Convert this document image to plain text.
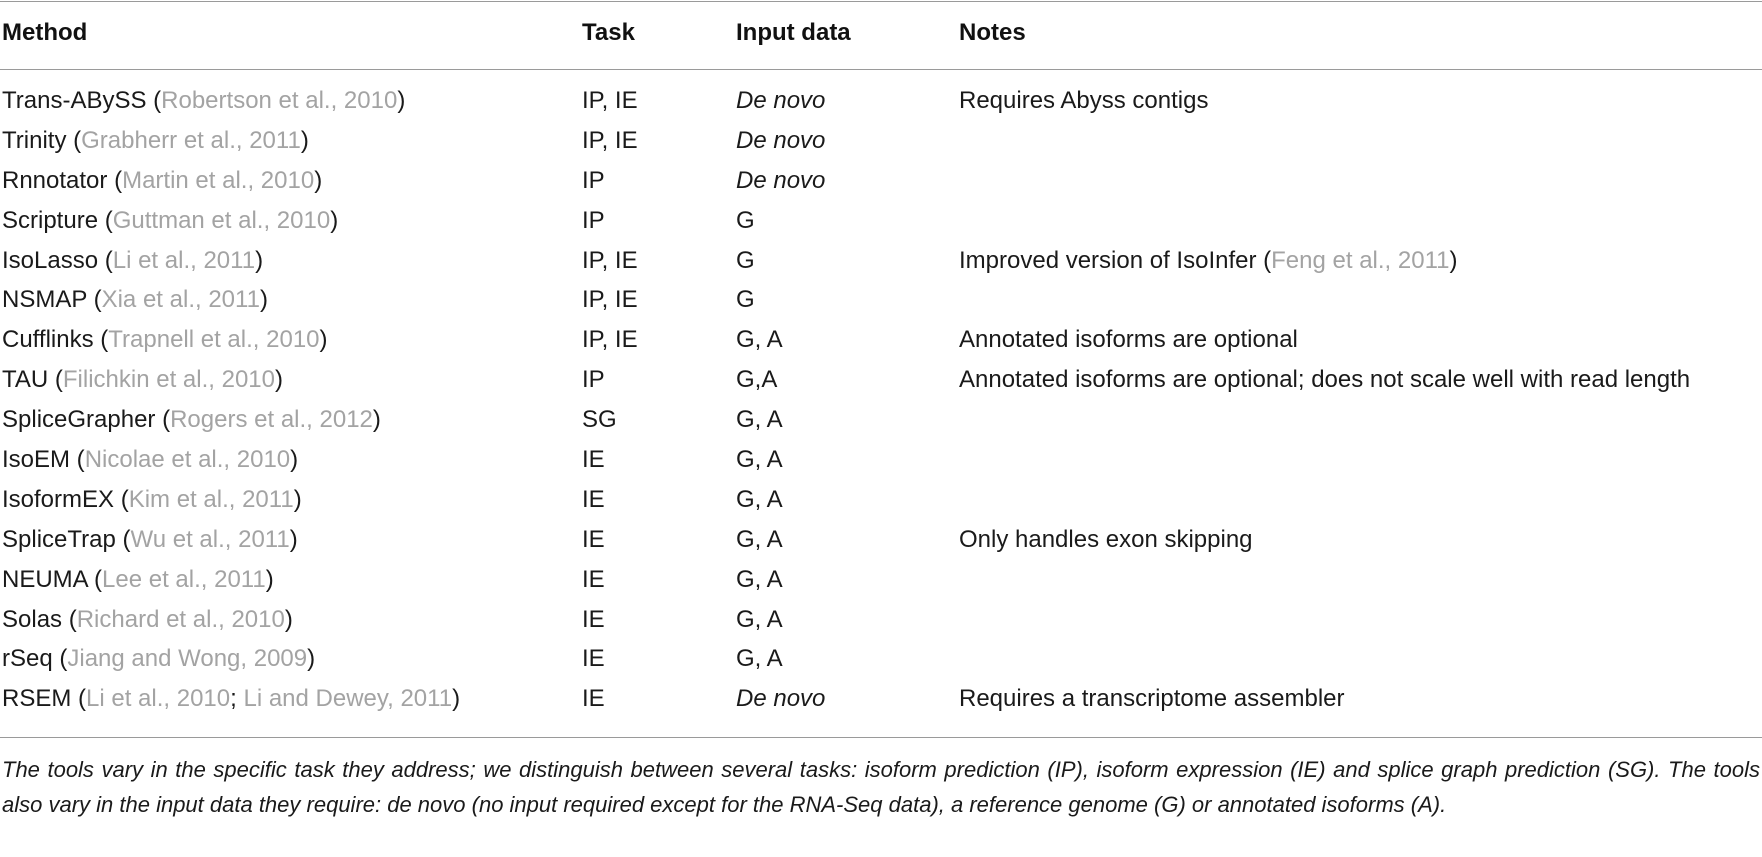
Method	Task	Input data	Notes
Trans-ABySS (Robertson et al., 2010)	IP, IE	De novo	Requires Abyss contigs
Trinity (Grabherr et al., 2011)	IP, IE	De novo
Rnnotator (Martin et al., 2010)	IP	De novo
Scripture (Guttman et al., 2010)	IP	G
IsoLasso (Li et al., 2011)	IP, IE	G	Improved version of IsoInfer (Feng et al., 2011)
NSMAP (Xia et al., 2011)	IP, IE	G
Cufflinks (Trapnell et al., 2010)	IP, IE	G, A	Annotated isoforms are optional
TAU (Filichkin et al., 2010)	IP	G,A	Annotated isoforms are optional; does not scale well with read length
SpliceGrapher (Rogers et al., 2012)	SG	G, A
IsoEM (Nicolae et al., 2010)	IE	G, A
IsoformEX (Kim et al., 2011)	IE	G, A
SpliceTrap (Wu et al., 2011)	IE	G, A	Only handles exon skipping
NEUMA (Lee et al., 2011)	IE	G, A
Solas (Richard et al., 2010)	IE	G, A
rSeq (Jiang and Wong, 2009)	IE	G, A
RSEM (Li et al., 2010; Li and Dewey, 2011)	IE	De novo	Requires a transcriptome assembler
The tools vary in the specific task they address; we distinguish between several tasks: isoform prediction (IP), isoform expression (IE) and splice graph prediction (SG). The tools also vary in the input data they require: de novo (no input required except for the RNA-Seq data), a reference genome (G) or annotated isoforms (A).
